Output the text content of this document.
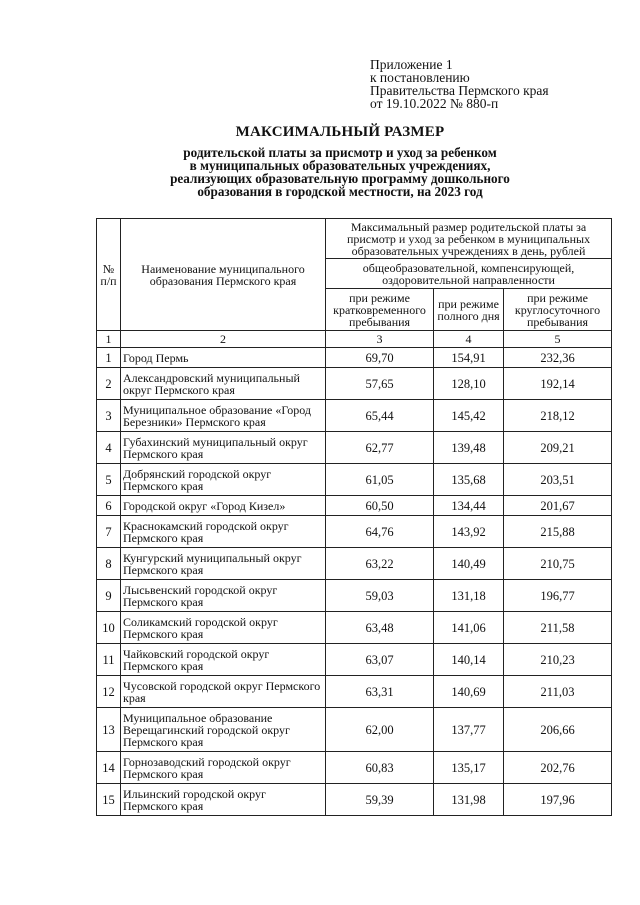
Приложение 1
к постановлению
Правительства Пермского края
от 19.10.2022 № 880-п
МАКСИМАЛЬНЫЙ РАЗМЕР
родительской платы за присмотр и уход за ребенком
в муниципальных образовательных учреждениях,
реализующих образовательную программу дошкольного
образования в городской местности, на 2023 год
№ п/п	Наименование муниципального образования Пермского края	Максимальный размер родительской платы за присмотр и уход за ребенком в муниципальных образовательных учреждениях в день, рублей		
		общеобразовательной, компенсирующей, оздоровительной направленности		
		при режиме кратковременного пребывания	при режиме полного дня	при режиме круглосуточного пребывания
1	2	3	4	5
1	Город Пермь	69,70	154,91	232,36
2	Александровский муниципальный округ Пермского края	57,65	128,10	192,14
3	Муниципальное образование «Город Березники» Пермского края	65,44	145,42	218,12
4	Губахинский муниципальный округ Пермского края	62,77	139,48	209,21
5	Добрянский городской округ Пермского края	61,05	135,68	203,51
6	Городской округ «Город Кизел»	60,50	134,44	201,67
7	Краснокамский городской округ Пермского края	64,76	143,92	215,88
8	Кунгурский муниципальный округ Пермского края	63,22	140,49	210,75
9	Лысьвенский городской округ Пермского края	59,03	131,18	196,77
10	Соликамский городской округ Пермского края	63,48	141,06	211,58
11	Чайковский городской округ Пермского края	63,07	140,14	210,23
12	Чусовской городской округ Пермского края	63,31	140,69	211,03
13	Муниципальное образование Верещагинский городской округ Пермского края	62,00	137,77	206,66
14	Горнозаводский городской округ Пермского края	60,83	135,17	202,76
15	Ильинский городской округ Пермского края	59,39	131,98	197,96
